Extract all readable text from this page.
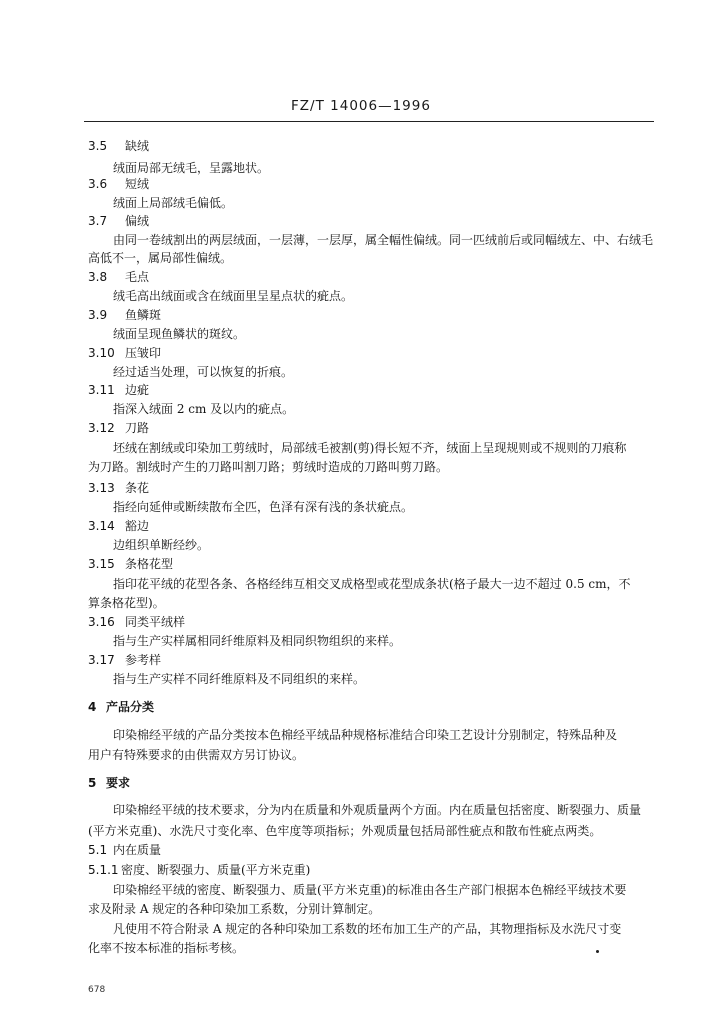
FZ/T 14006—1996
3.5 缺绒
绒面局部无绒毛，呈露地状。
3.6 短绒
绒面上局部绒毛偏低。
3.7 偏绒
由同一卷绒割出的两层绒面，一层薄，一层厚，属全幅性偏绒。同一匹绒前后或同幅绒左、中、右绒毛
高低不一，属局部性偏绒。
3.8 毛点
绒毛高出绒面或含在绒面里呈星点状的疵点。
3.9 鱼鳞斑
绒面呈现鱼鳞状的斑纹。
3.10 压皱印
经过适当处理，可以恢复的折痕。
3.11 边疵
指深入绒面 2 cm 及以内的疵点。
3.12 刀路
坯绒在割绒或印染加工剪绒时，局部绒毛被割(剪)得长短不齐，绒面上呈现规则或不规则的刀痕称
为刀路。割绒时产生的刀路叫割刀路；剪绒时造成的刀路叫剪刀路。
3.13 条花
指经向延伸或断续散布全匹，色泽有深有浅的条状疵点。
3.14 豁边
边组织单断经纱。
3.15 条格花型
指印花平绒的花型各条、各格经纬互相交叉成格型或花型成条状(格子最大一边不超过 0.5 cm，不
算条格花型)。
3.16 同类平绒样
指与生产实样属相同纤维原料及相同织物组织的来样。
3.17 参考样
指与生产实样不同纤维原料及不同组织的来样。
4 产品分类
印染棉经平绒的产品分类按本色棉经平绒品种规格标准结合印染工艺设计分别制定，特殊品种及
用户有特殊要求的由供需双方另订协议。
5 要求
印染棉经平绒的技术要求，分为内在质量和外观质量两个方面。内在质量包括密度、断裂强力、质量
(平方米克重)、水洗尺寸变化率、色牢度等项指标；外观质量包括局部性疵点和散布性疵点两类。
5.1 内在质量
5.1.1 密度、断裂强力、质量(平方米克重)
印染棉经平绒的密度、断裂强力、质量(平方米克重)的标准由各生产部门根据本色棉经平绒技术要
求及附录 A 规定的各种印染加工系数，分别计算制定。
凡使用不符合附录 A 规定的各种印染加工系数的坯布加工生产的产品，其物理指标及水洗尺寸变
化率不按本标准的指标考核。
678
